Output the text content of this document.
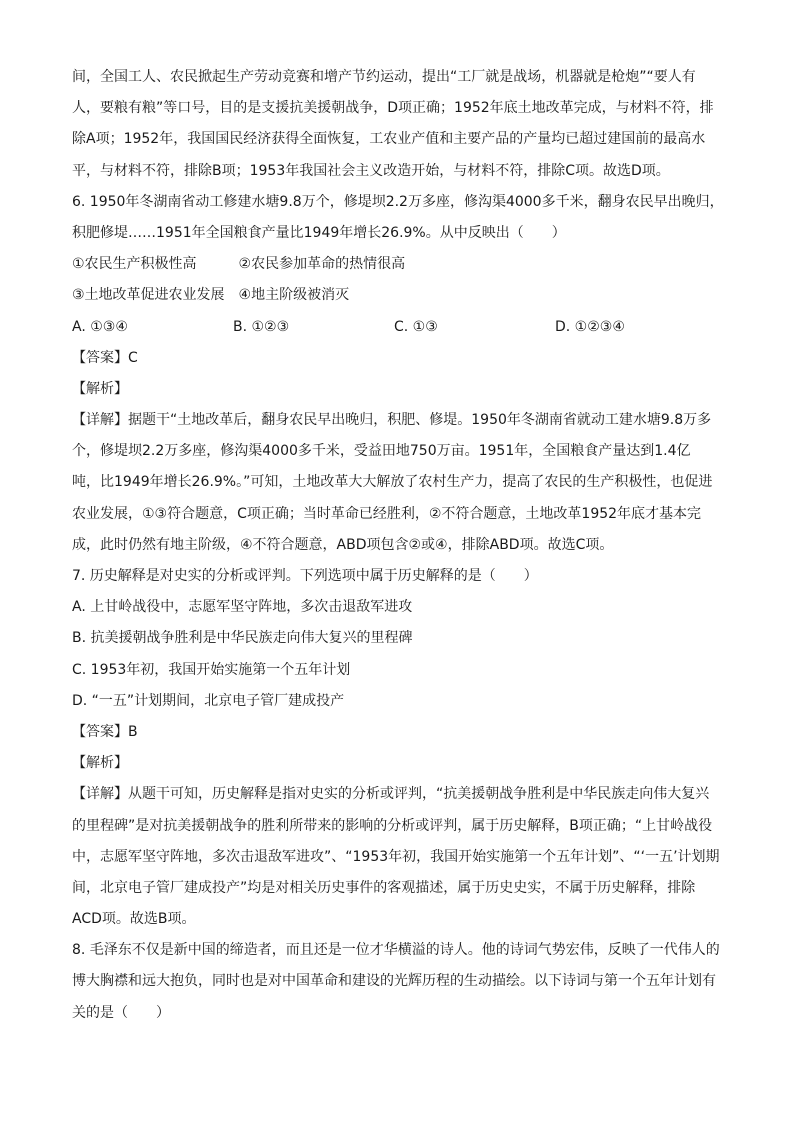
间，全国工人、农民掀起生产劳动竞赛和增产节约运动，提出“工厂就是战场，机器就是枪炮”“要人有
人，要粮有粮”等口号，目的是支援抗美援朝战争，D项正确；1952年底土地改革完成，与材料不符，排
除A项；1952年，我国国民经济获得全面恢复，工农业产值和主要产品的产量均已超过建国前的最高水
平，与材料不符，排除B项；1953年我国社会主义改造开始，与材料不符，排除C项。故选D项。
6. 1950年冬湖南省动工修建水塘9.8万个，修堤坝2.2万多座，修沟渠4000多千米，翻身农民早出晚归，
积肥修堤……1951年全国粮食产量比1949年增长26.9%。从中反映出（　　）
①农民生产积极性高　　　②农民参加革命的热情很高
③土地改革促进农业发展　④地主阶级被消灭
A. ①③④	B. ①②③	C. ①③	D. ①②③④
【答案】C
【解析】
【详解】据题干“土地改革后，翻身农民早出晚归，积肥、修堤。1950年冬湖南省就动工建水塘9.8万多
个，修堤坝2.2万多座，修沟渠4000多千米，受益田地750万亩。1951年，全国粮食产量达到1.4亿
吨，比1949年增长26.9%。”可知，土地改革大大解放了农村生产力，提高了农民的生产积极性，也促进
农业发展，①③符合题意，C项正确；当时革命已经胜利，②不符合题意，土地改革1952年底才基本完
成，此时仍然有地主阶级，④不符合题意，ABD项包含②或④，排除ABD项。故选C项。
7. 历史解释是对史实的分析或评判。下列选项中属于历史解释的是（　　）
A. 上甘岭战役中，志愿军坚守阵地，多次击退敌军进攻
B. 抗美援朝战争胜利是中华民族走向伟大复兴的里程碑
C. 1953年初，我国开始实施第一个五年计划
D. “一五”计划期间，北京电子管厂建成投产
【答案】B
【解析】
【详解】从题干可知，历史解释是指对史实的分析或评判，“抗美援朝战争胜利是中华民族走向伟大复兴
的里程碑”是对抗美援朝战争的胜利所带来的影响的分析或评判，属于历史解释，B项正确；“上甘岭战役
中，志愿军坚守阵地，多次击退敌军进攻”、“1953年初，我国开始实施第一个五年计划”、“‘一五’计划期
间，北京电子管厂建成投产”均是对相关历史事件的客观描述，属于历史史实，不属于历史解释，排除
ACD项。故选B项。
8. 毛泽东不仅是新中国的缔造者，而且还是一位才华横溢的诗人。他的诗词气势宏伟，反映了一代伟人的
博大胸襟和远大抱负，同时也是对中国革命和建设的光辉历程的生动描绘。以下诗词与第一个五年计划有
关的是（　　）
